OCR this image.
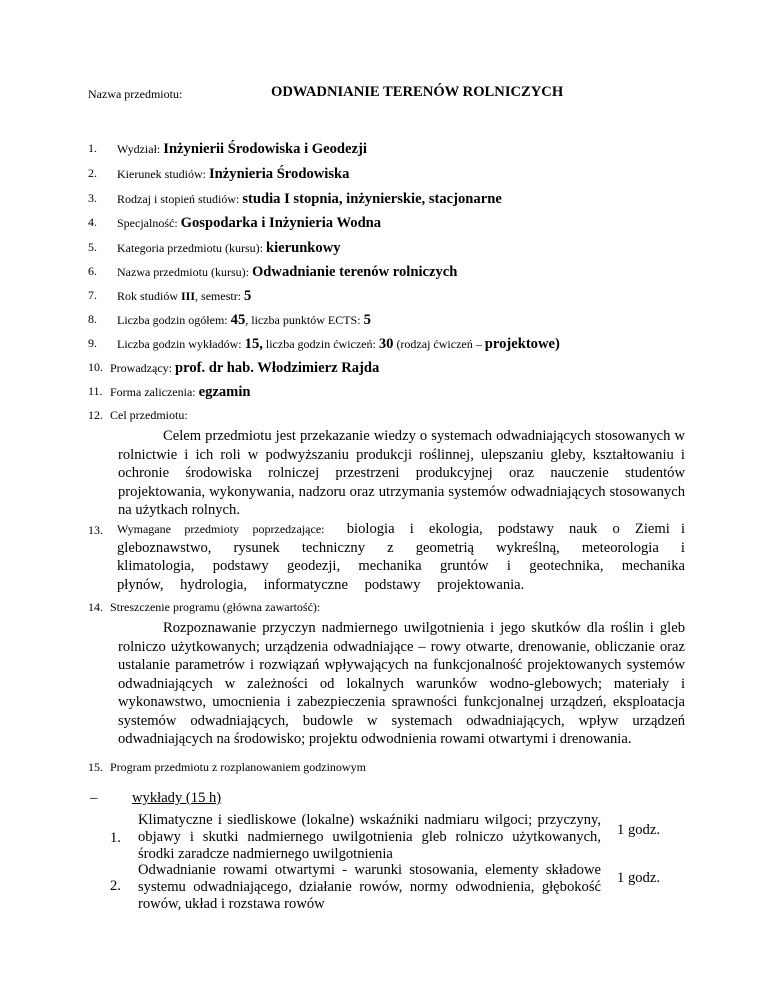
Nazwa przedmiotu:	ODWADNIANIE TERENÓW ROLNICZYCH
1. Wydział: Inżynierii Środowiska i Geodezji
2. Kierunek studiów: Inżynieria Środowiska
3. Rodzaj i stopień studiów: studia I stopnia, inżynierskie, stacjonarne
4. Specjalność: Gospodarka i Inżynieria Wodna
5. Kategoria przedmiotu (kursu): kierunkowy
6. Nazwa przedmiotu (kursu): Odwadnianie terenów rolniczych
7. Rok studiów III, semestr: 5
8. Liczba godzin ogółem: 45, liczba punktów ECTS: 5
9. Liczba godzin wykładów: 15, liczba godzin ćwiczeń: 30 (rodzaj ćwiczeń – projektowe)
10. Prowadzący: prof. dr hab. Włodzimierz Rajda
11. Forma zaliczenia: egzamin
12. Cel przedmiotu:
Celem przedmiotu jest przekazanie wiedzy o systemach odwadniających stosowanych w rolnictwie i ich roli w podwyższaniu produkcji roślinnej, ulepszaniu gleby, kształtowaniu i ochronie środowiska rolniczej przestrzeni produkcyjnej oraz nauczenie studentów projektowania, wykonywania, nadzoru oraz utrzymania systemów odwadniających stosowanych na użytkach rolnych.
13. Wymagane przedmioty poprzedzające: biologia i ekologia, podstawy nauk o Ziemi i gleboznawstwo, rysunek techniczny z geometrią wykreślną, meteorologia i klimatologia, podstawy geodezji, mechanika gruntów i geotechnika, mechanika płynów, hydrologia, informatyczne podstawy projektowania.
14. Streszczenie programu (główna zawartość):
Rozpoznawanie przyczyn nadmiernego uwilgotnienia i jego skutków dla roślin i gleb rolniczo użytkowanych; urządzenia odwadniające – rowy otwarte, drenowanie, obliczanie oraz ustalanie parametrów i rozwiązań wpływających na funkcjonalność projektowanych systemów odwadniających w zależności od lokalnych warunków wodno-glebowych; materiały i wykonawstwo, umocnienia i zabezpieczenia sprawności funkcjonalnej urządzeń, eksploatacja systemów odwadniających, budowle w systemach odwadniających, wpływ urządzeń odwadniających na środowisko; projektu odwodnienia rowami otwartymi i drenowania.
15. Program przedmiotu z rozplanowaniem godzinowym
– wykłady (15 h)
1.
Klimatyczne i siedliskowe (lokalne) wskaźniki nadmiaru wilgoci; przyczyny, objawy i skutki nadmiernego uwilgotnienia gleb rolniczo użytkowanych, środki zaradcze nadmiernego uwilgotnienia
1 godz.
2.
Odwadnianie rowami otwartymi - warunki stosowania, elementy składowe systemu odwadniającego, działanie rowów, normy odwodnienia, głębokość rowów, układ i rozstawa rowów
1 godz.
